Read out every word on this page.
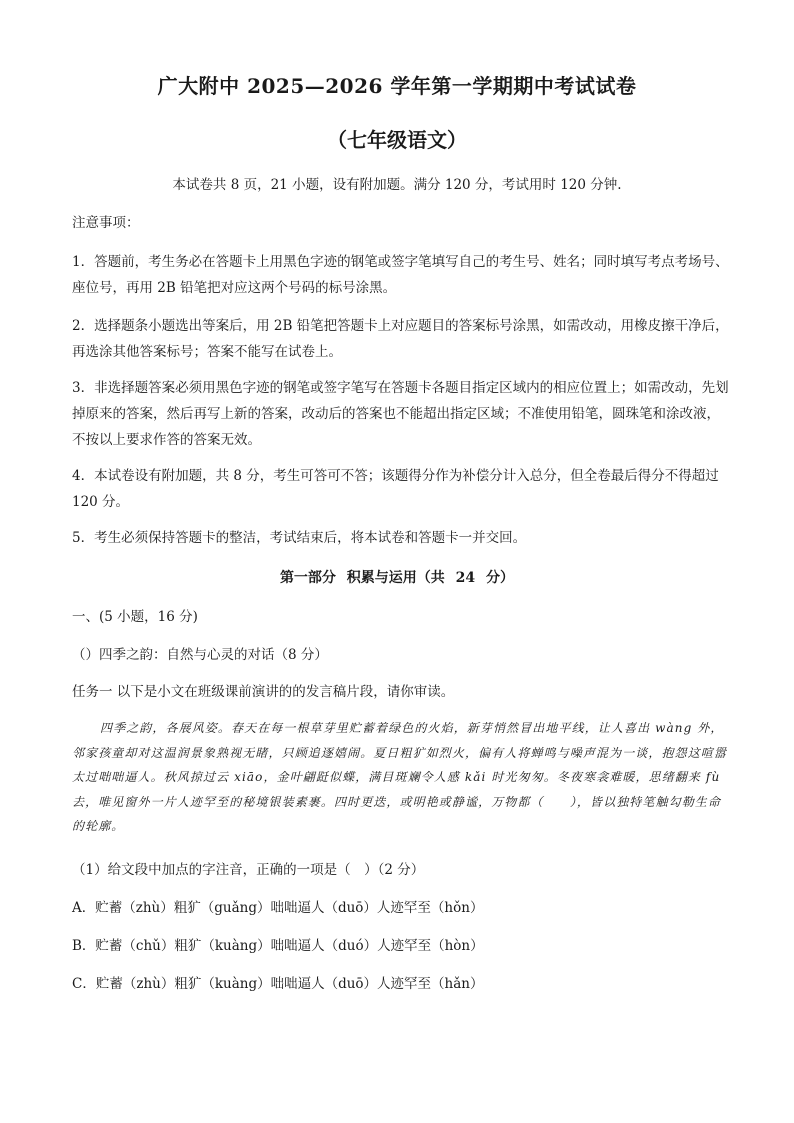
广大附中 2025—2026 学年第一学期期中考试试卷
（七年级语文）
本试卷共 8 页，21 小题，设有附加题。满分 120 分，考试用时 120 分钟.
注意事项：
1．答题前，考生务必在答题卡上用黑色字迹的钢笔或签字笔填写自己的考生号、姓名；同时填写考点考场号、座位号，再用 2B 铅笔把对应这两个号码的标号涂黑。
2．选择题条小题选出等案后，用 2B 铅笔把答题卡上对应题目的答案标号涂黑，如需改动，用橡皮擦干净后，再选涂其他答案标号；答案不能写在试卷上。
3．非选择题答案必须用黑色字迹的钢笔或签字笔写在答题卡各题目指定区域内的相应位置上；如需改动，先划掉原来的答案，然后再写上新的答案，改动后的答案也不能超出指定区域；不准使用铅笔，圆珠笔和涂改液，不按以上要求作答的答案无效。
4．本试卷设有附加题，共 8 分，考生可答可不答；该题得分作为补偿分计入总分，但全卷最后得分不得超过 120 分。
5．考生必须保持答题卡的整洁，考试结束后，将本试卷和答题卡一并交回。
第一部分 积累与运用（共 24 分）
一、(5 小题，16 分)
（）四季之韵：自然与心灵的对话（8 分）
任务一 以下是小文在班级课前演讲的的发言稿片段，请你审读。
四季之韵，各展风姿。春天在每一根草芽里贮蓄着绿色的火焰，新芽悄然冒出地平线，让人喜出 wàng 外，邻家孩童却对这温润景象熟视无睹，只顾追逐嬉闹。夏日粗犷如烈火，偏有人将蝉鸣与噪声混为一谈，抱怨这喧嚣太过咄咄逼人。秋风掠过云 xiāo，金叶翩跹似蝶，满目斑斓令人感 kǎi 时光匆匆。冬夜寒衾难暖，思绪翻来 fù 去，唯见窗外一片人迹罕至的秘境银装素裹。四时更迭，或明艳或静谧，万物都（　　），皆以独特笔触勾勒生命的轮廓。
（1）给文段中加点的字注音，正确的一项是（　）（2 分）
A．贮蓄（zhù）粗犷（guǎng）咄咄逼人（duō）人迹罕至（hǒn）
B．贮蓄（chǔ）粗犷（kuàng）咄咄逼人（duó）人迹罕至（hòn）
C．贮蓄（zhù）粗犷（kuàng）咄咄逼人（duō）人迹罕至（hǎn）
